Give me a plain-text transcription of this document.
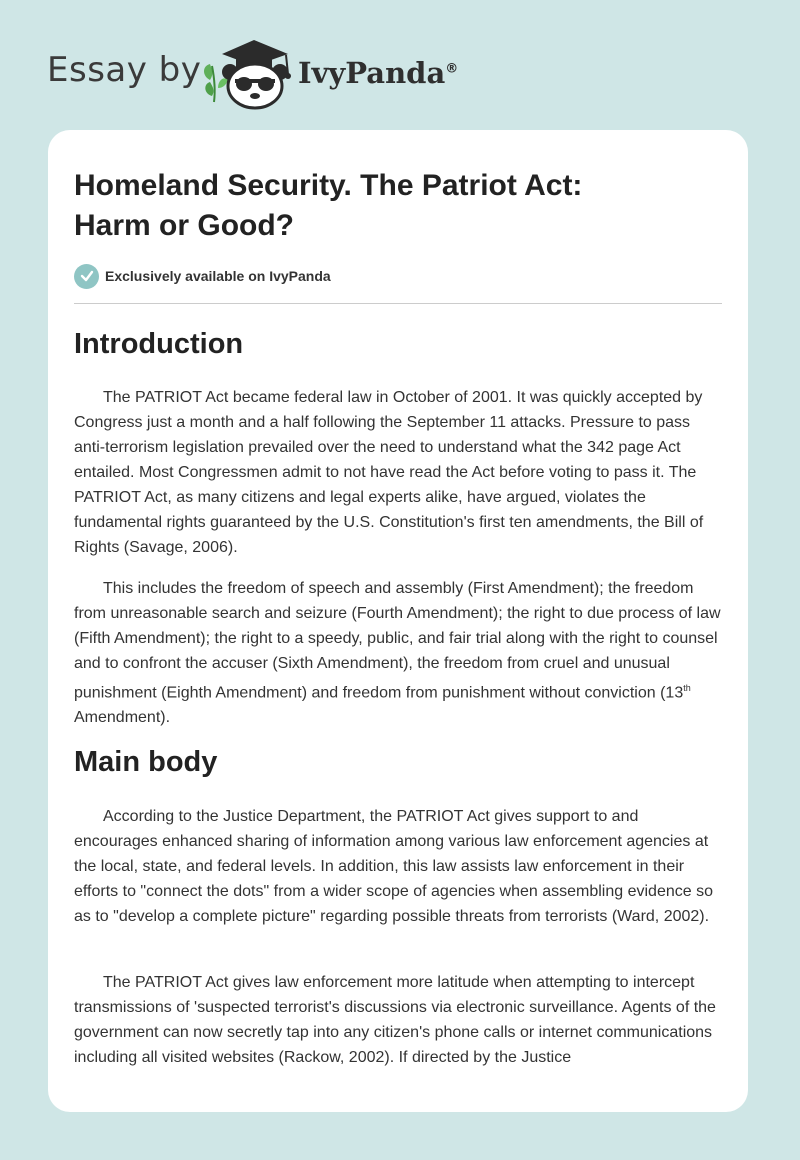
Essay by	IvyPanda®
Homeland Security. The Patriot Act:
Harm or Good?
Exclusively available on IvyPanda
Introduction

The PATRIOT Act became federal law in October of 2001. It was quickly accepted by Congress just a month and a half following the September 11 attacks. Pressure to pass anti-terrorism legislation prevailed over the need to understand what the 342 page Act entailed. Most Congressmen admit to not have read the Act before voting to pass it. The PATRIOT Act, as many citizens and legal experts alike, have argued, violates the fundamental rights guaranteed by the U.S. Constitution's first ten amendments, the Bill of Rights (Savage, 2006).

This includes the freedom of speech and assembly (First Amendment); the freedom from unreasonable search and seizure (Fourth Amendment); the right to due process of law (Fifth Amendment); the right to a speedy, public, and fair trial along with the right to counsel and to confront the accuser (Sixth Amendment), the freedom from cruel and unusual punishment (Eighth Amendment) and freedom from punishment without conviction (13th Amendment).

Main body

According to the Justice Department, the PATRIOT Act gives support to and encourages enhanced sharing of information among various law enforcement agencies at the local, state, and federal levels. In addition, this law assists law enforcement in their efforts to "connect the dots" from a wider scope of agencies when assembling evidence so as to "develop a complete picture" regarding possible threats from terrorists (Ward, 2002).

The PATRIOT Act gives law enforcement more latitude when attempting to intercept transmissions of 'suspected terrorist's discussions via electronic surveillance. Agents of the government can now secretly tap into any citizen's phone calls or internet communications including all visited websites (Rackow, 2002). If directed by the Justice
